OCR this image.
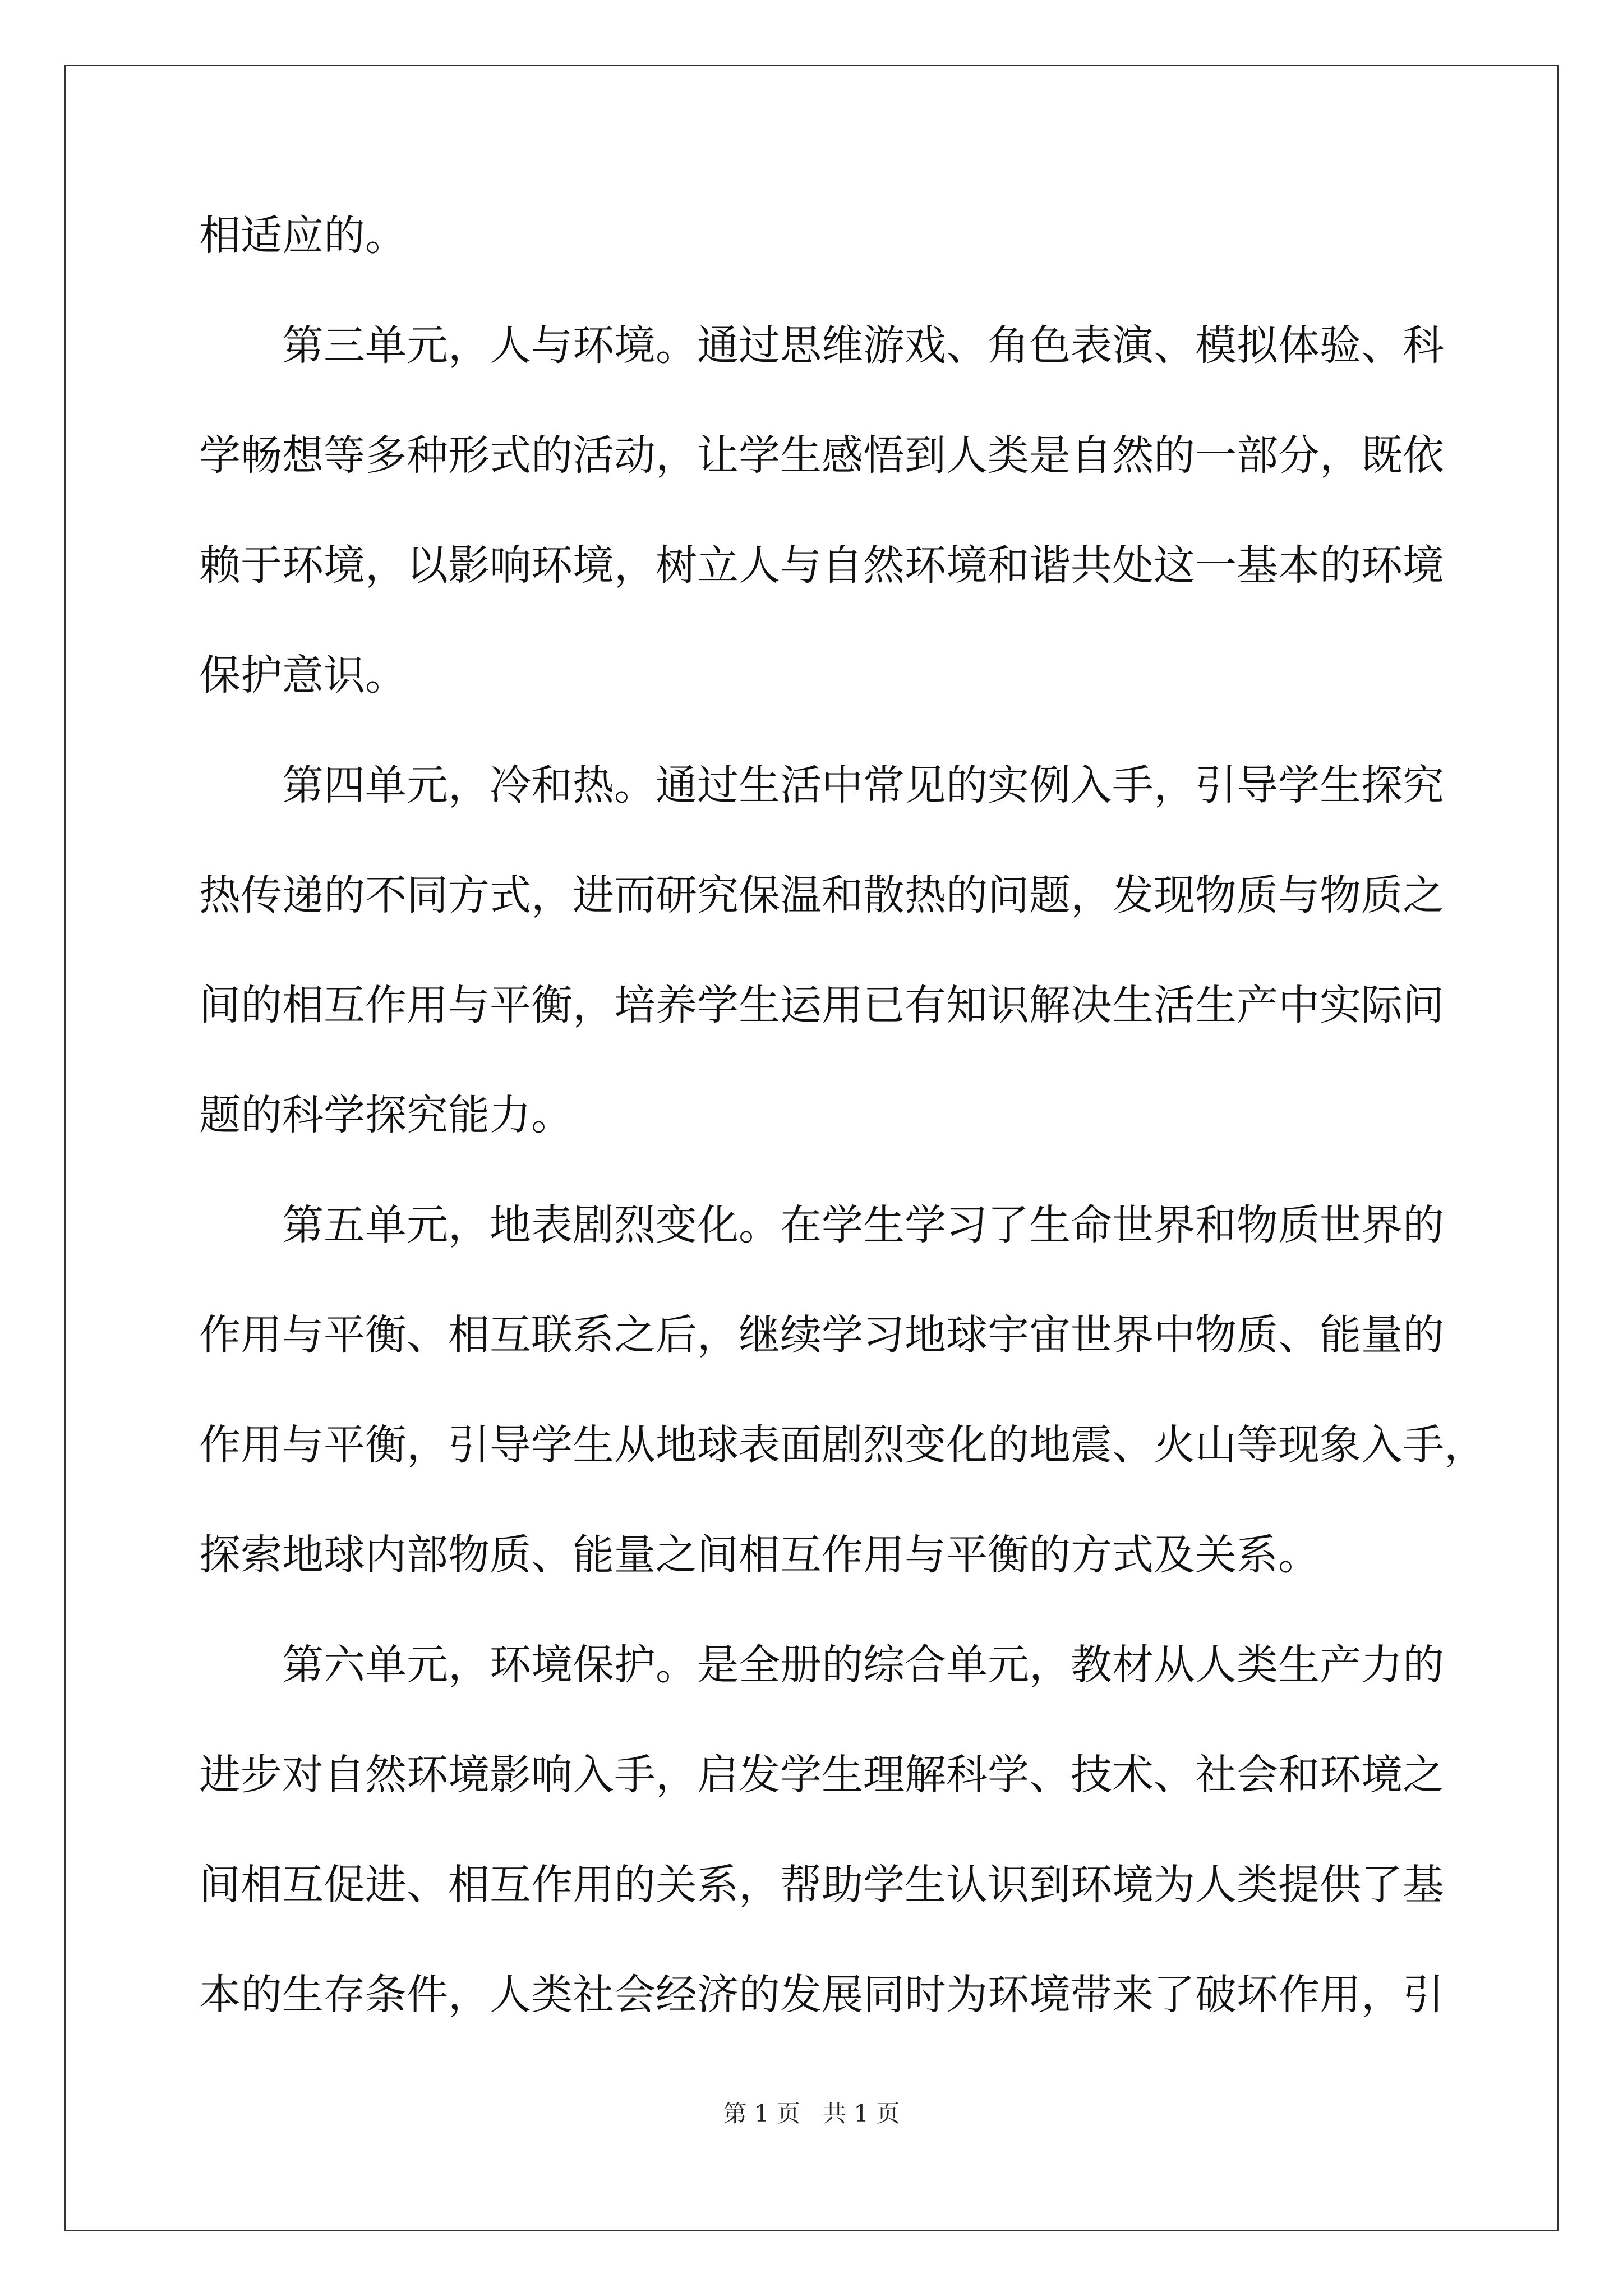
相适应的。
第三单元，人与环境。通过思维游戏、角色表演、模拟体验、科
学畅想等多种形式的活动，让学生感悟到人类是自然的一部分，既依
赖于环境，以影响环境，树立人与自然环境和谐共处这一基本的环境
保护意识。
第四单元，冷和热。通过生活中常见的实例入手，引导学生探究
热传递的不同方式，进而研究保温和散热的问题，发现物质与物质之
间的相互作用与平衡，培养学生运用已有知识解决生活生产中实际问
题的科学探究能力。
第五单元，地表剧烈变化。在学生学习了生命世界和物质世界的
作用与平衡、相互联系之后，继续学习地球宇宙世界中物质、能量的
作用与平衡，引导学生从地球表面剧烈变化的地震、火山等现象入手，
探索地球内部物质、能量之间相互作用与平衡的方式及关系。
第六单元，环境保护。是全册的综合单元，教材从人类生产力的
进步对自然环境影响入手，启发学生理解科学、技术、社会和环境之
间相互促进、相互作用的关系，帮助学生认识到环境为人类提供了基
本的生存条件，人类社会经济的发展同时为环境带来了破坏作用，引
第 1 页 共 1 页
